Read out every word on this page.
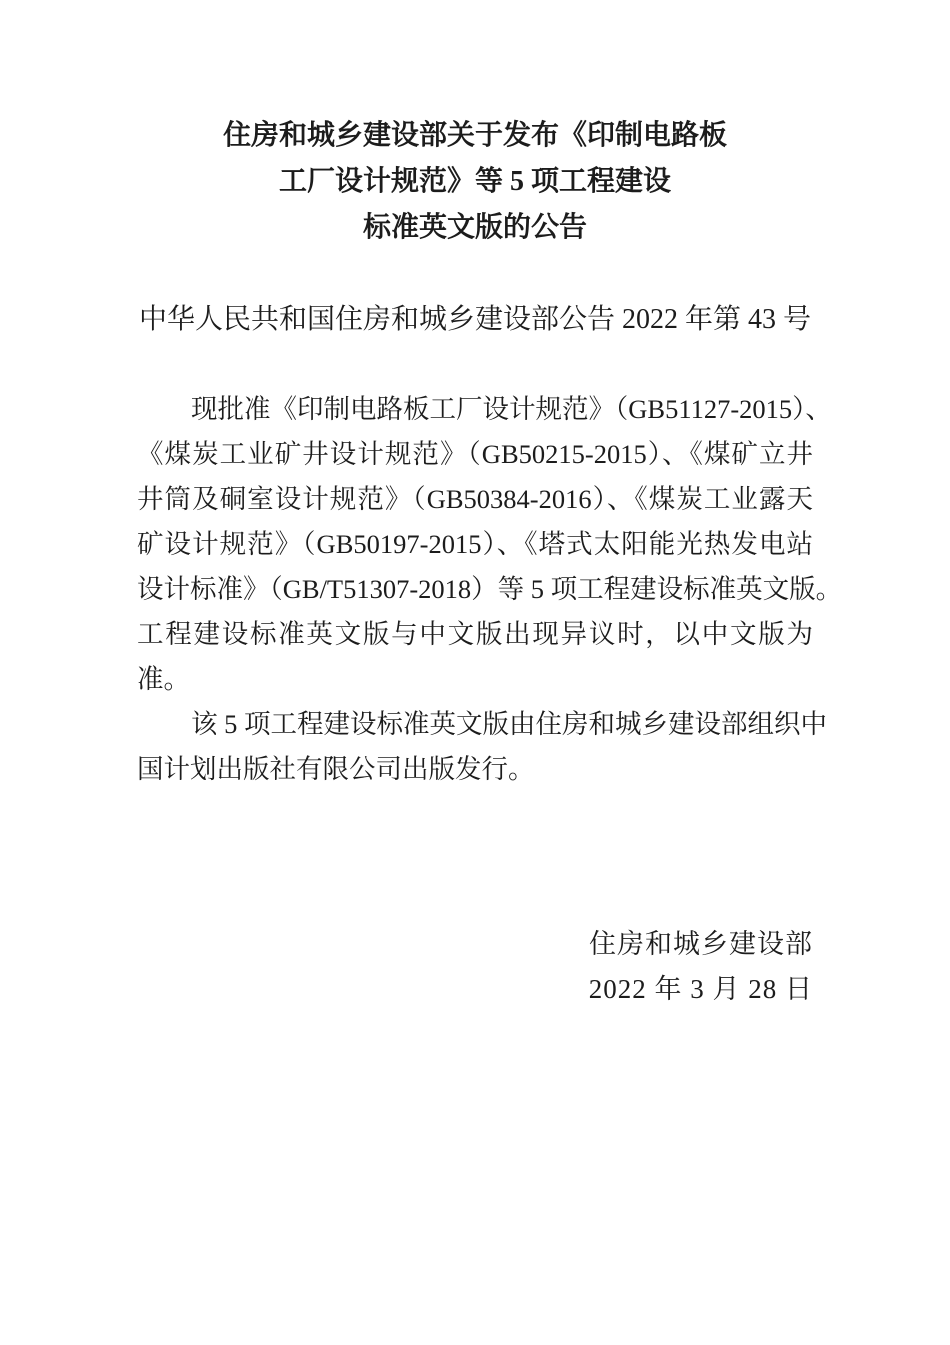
住房和城乡建设部关于发布《印制电路板
工厂设计规范》等 5 项工程建设
标准英文版的公告
中华人民共和国住房和城乡建设部公告 2022 年第 43 号
现批准《印制电路板工厂设计规范》（GB51127-2015）、
《煤炭工业矿井设计规范》（GB50215-2015）、《煤矿立井
井筒及硐室设计规范》（GB50384-2016）、《煤炭工业露天
矿设计规范》（GB50197-2015）、《塔式太阳能光热发电站
设计标准》（GB/T51307-2018）等 5 项工程建设标准英文版。
工程建设标准英文版与中文版出现异议时，以中文版为
准。
该 5 项工程建设标准英文版由住房和城乡建设部组织中
国计划出版社有限公司出版发行。
住房和城乡建设部
2022 年 3 月 28 日
